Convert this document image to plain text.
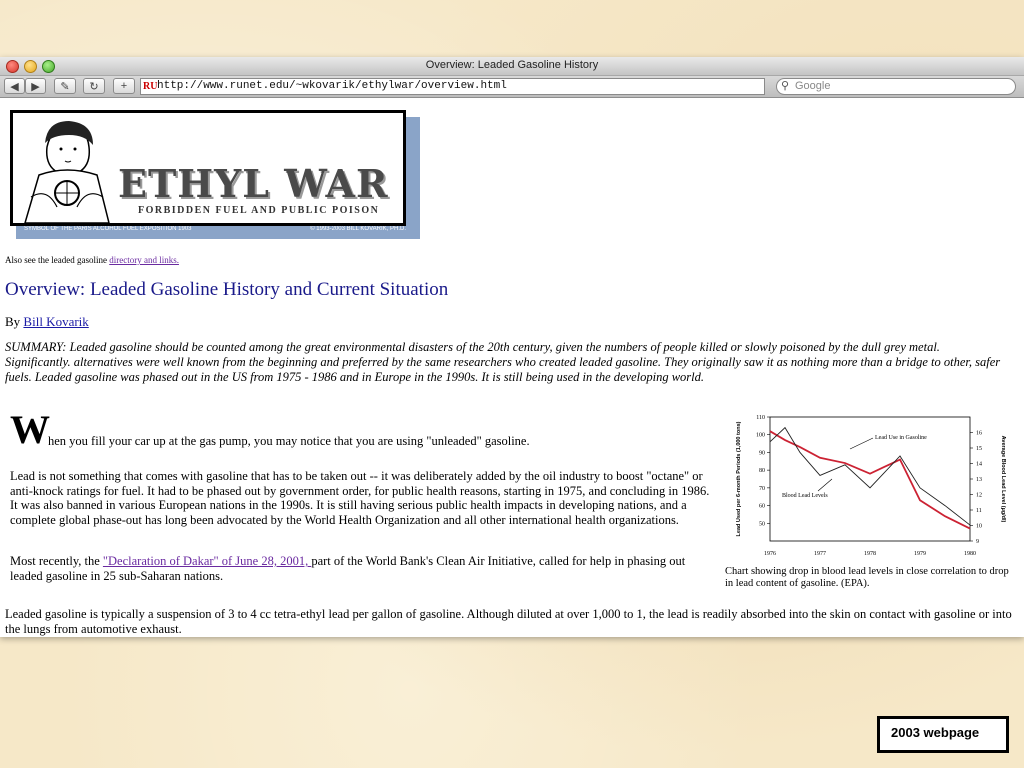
Overview: Leaded Gasoline History
◀ ▶ ✎ ↻ + RU http://www.runet.edu/~wkovarik/ethylwar/overview.html	⚲ Google
SYMBOL OF THE PARIS ALCOHOL FUEL EXPOSITION 1903	© 1993-2003 BILL KOVARIK, PH.D.
ETHYL WAR
FORBIDDEN FUEL AND PUBLIC POISON
Also see the leaded gasoline directory and links.
Overview: Leaded Gasoline History and Current Situation
By Bill Kovarik
SUMMARY: Leaded gasoline should be counted among the great environmental disasters of the 20th century, given the numbers of people killed or slowly poisoned by the dull grey metal. Significantly. alternatives were well known from the beginning and preferred by the same researchers who created leaded gasoline. They originally saw it as nothing more than a bridge to other, safer fuels. Leaded gasoline was phased out in the US from 1975 - 1986 and in Europe in the 1990s. It is still being used in the developing world.
W
hen you fill your car up at the gas pump, you may notice that you are using "unleaded" gasoline.
Lead is not something that comes with gasoline that has to be taken out -- it was deliberately added by the oil industry to boost "octane" or anti-knock ratings for fuel. It had to be phased out by government order, for public health reasons, starting in 1975, and concluding in 1986. It was also banned in various European nations in the 1990s. It is still having serious public health impacts in developing nations, and a complete global phase-out has long been advocated by the World Health Organization and all other international health organizations.
Most recently, the "Declaration of Dakar" of June 28, 2001, part of the World Bank's Clean Air Initiative, called for help in phasing out leaded gasoline in 25 sub-Saharan nations.
Leaded gasoline is typically a suspension of 3 to 4 cc tetra-ethyl lead per gallon of gasoline. Although diluted at over 1,000 to 1, the lead is readily absorbed into the skin on contact with gasoline or into the lungs from automotive exhaust.
50
60
70
80
90
100
110
9
10
11
12
13
14
15
16
1976	1977	1978	1979	1980
Lead Used per 6-month Periods (1,000 tons)	Average Blood Lead Level (µg/dl)
Lead Use in Gasoline
Blood Lead Levels
Chart showing drop in blood lead levels in close correlation to drop in lead content of gasoline. (EPA).
2003 webpage
